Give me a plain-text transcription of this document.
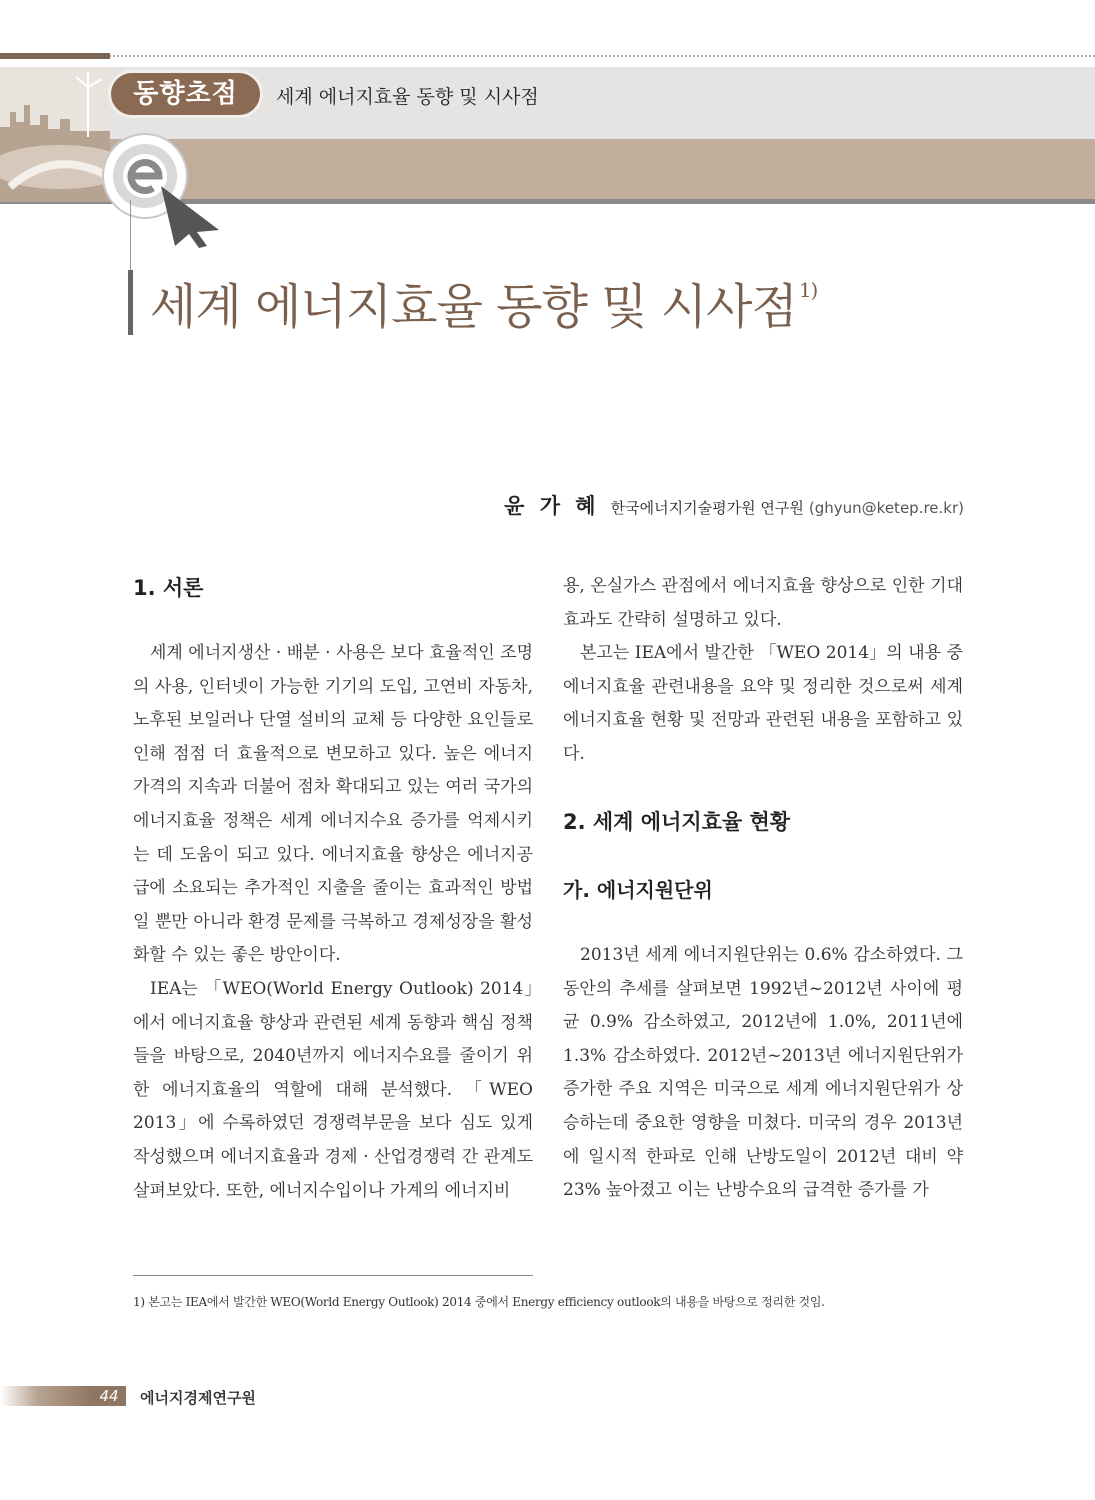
동향초점	세계 에너지효율 동향 및 시사점
세계 에너지효율 동향 및 시사점 $^{1)}$
윤 가 혜 한국에너지기술평가원 연구원 (ghyun@ketep.re.kr)
1. 서론

세계 에너지생산 · 배분 · 사용은 보다 효율적인 조명의 사용, 인터넷이 가능한 기기의 도입, 고연비 자동차, 노후된 보일러나 단열 설비의 교체 등 다양한 요인들로 인해 점점 더 효율적으로 변모하고 있다. 높은 에너지가격의 지속과 더불어 점차 확대되고 있는 여러 국가의 에너지효율 정책은 세계 에너지수요 증가를 억제시키는 데 도움이 되고 있다. 에너지효율 향상은 에너지공급에 소요되는 추가적인 지출을 줄이는 효과적인 방법일 뿐만 아니라 환경 문제를 극복하고 경제성장을 활성화할 수 있는 좋은 방안이다.

IEA는 「WEO(World Energy Outlook) 2014」에서 에너지효율 향상과 관련된 세계 동향과 핵심 정책들을 바탕으로, 2040년까지 에너지수요를 줄이기 위한 에너지효율의 역할에 대해 분석했다. 「WEO 2013」에 수록하였던 경쟁력부문을 보다 심도 있게 작성했으며 에너지효율과 경제 · 산업경쟁력 간 관계도 살펴보았다. 또한, 에너지수입이나 가계의 에너지비

용, 온실가스 관점에서 에너지효율 향상으로 인한 기대효과도 간략히 설명하고 있다.

본고는 IEA에서 발간한 「WEO 2014」의 내용 중 에너지효율 관련내용을 요약 및 정리한 것으로써 세계 에너지효율 현황 및 전망과 관련된 내용을 포함하고 있다.

2. 세계 에너지효율 현황
가. 에너지원단위

2013년 세계 에너지원단위는 0.6% 감소하였다. 그 동안의 추세를 살펴보면 1992년~2012년 사이에 평균 0.9% 감소하였고, 2012년에 1.0%, 2011년에 1.3% 감소하였다. 2012년~2013년 에너지원단위가 증가한 주요 지역은 미국으로 세계 에너지원단위가 상승하는데 중요한 영향을 미쳤다. 미국의 경우 2013년에 일시적 한파로 인해 난방도일이 2012년 대비 약 23% 높아졌고 이는 난방수요의 급격한 증가를 가

1) 본고는 IEA에서 발간한 WEO(World Energy Outlook) 2014 중에서 Energy efficiency outlook의 내용을 바탕으로 정리한 것임.
44	에너지경제연구원
